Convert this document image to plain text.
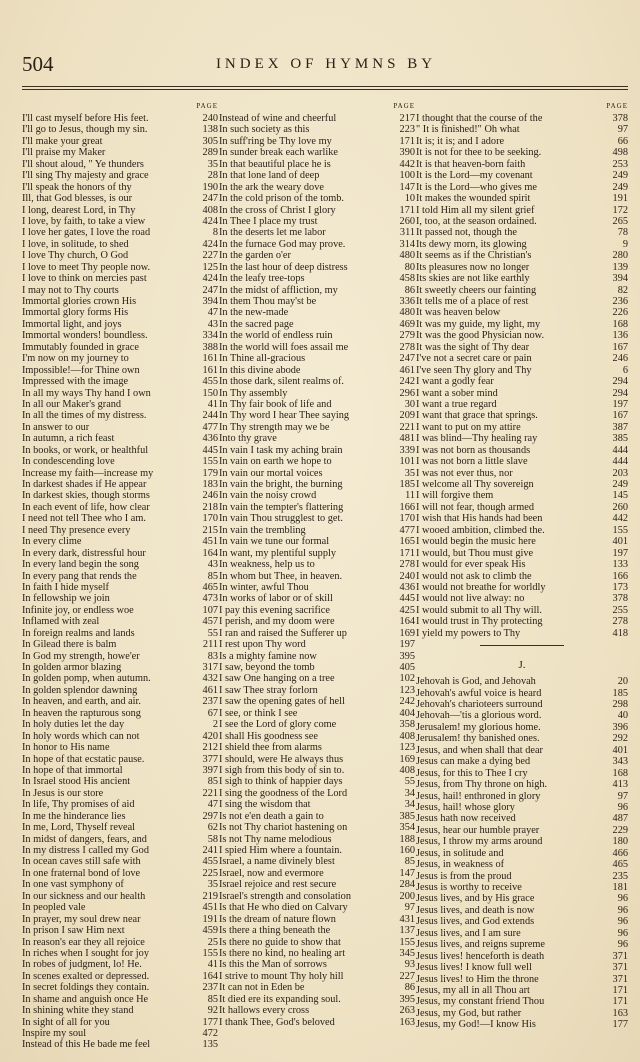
504	INDEX OF HYMNS BY
PAGE
I'll cast myself before His feet.	240
I'll go to Jesus, though my sin.	138
I'll make your great	305
I'll praise my Maker	289
I'll shout aloud, " Ye thunders	35
I'll sing Thy majesty and grace	28
I'll speak the honors of thy	190
Ill, that God blesses, is our	247
I long, dearest Lord, in Thy	408
I love, by faith, to take a view	424
I love her gates, I love the road	8
I love, in solitude, to shed	424
I love Thy church, O God	227
I love to meet Thy people now.	125
I love to think on mercies past	424
I may not to Thy courts	247
Immortal glories crown His	394
Immortal glory forms His	47
Immortal light, and joys	43
Immortal wonders! boundless.	334
Immutably founded in grace	388
I'm now on my journey to	161
Impossible!—for Thine own	161
Impressed with the image	455
In all my ways Thy hand I own	150
In all our Maker's grand	41
In all the times of my distress.	244
In answer to our	477
In autumn, a rich feast	436
In books, or work, or healthful	445
In condescending love	155
Increase my faith—increase my	179
In darkest shades if He appear	183
In darkest skies, though storms	246
In each event of life, how clear	218
I need not tell Thee who I am.	170
I need Thy presence every	215
In every clime	451
In every dark, distressful hour	164
In every land begin the song	43
In every pang that rends the	85
In faith I hide myself	465
In fellowship we join	473
Infinite joy, or endless woe	107
Inflamed with zeal	457
In foreign realms and lands	55
In Gilead there is balm	211
In God my strength, howe'er	83
In golden armor blazing	317
In golden pomp, when autumn.	432
In golden splendor dawning	461
In heaven, and earth, and air.	237
In heaven the rapturous song	67
In holy duties let the day	2
In holy words which can not	420
In honor to His name	212
In hope of that ecstatic pause.	377
In hope of that immortal	397
In Israel stood His ancient	85
In Jesus is our store	221
In life, Thy promises of aid	47
In me the hinderance lies	297
In me, Lord, Thyself reveal	62
In midst of dangers, fears, and	58
In my distress I called my God	241
In ocean caves still safe with	455
In one fraternal bond of love	225
In one vast symphony of	35
In our sickness and our health	219
In peopled vale	451
In prayer, my soul drew near	191
In prison I saw Him next	459
In reason's ear they all rejoice	25
In riches when I sought for joy	155
In robes of judgment, lo! He.	41
In scenes exalted or depressed.	164
In secret foldings they contain.	237
In shame and anguish once He	85
In shining white they stand	92
In sight of all for you	177
Inspire my soul	472
Instead of this He bade me feel	135
PAGE
Instead of wine and cheerful	217
In such society as this	223
In suff'ring be Thy love my	171
In sunder break each warlike	390
In that beautiful place he is	442
In that lone land of deep	100
In the ark the weary dove	147
In the cold prison of the tomb.	10
In the cross of Christ I glory	171
In Thee I place my trust	260
In the deserts let me labor	311
In the furnace God may prove.	314
In the garden o'er	480
In the last hour of deep distress	80
In the leafy tree-tops	458
In the midst of affliction, my	86
In them Thou may'st be	336
In the new-made	480
In the sacred page	469
In the world of endless ruin	279
In the world will foes assail me	278
In Thine all-gracious	247
In this divine abode	461
In those dark, silent realms of.	242
In Thy assembly	296
In Thy fair book of life and	30
In Thy word I hear Thee saying	209
In Thy strength may we be	221
Into thy grave	481
In vain I task my aching brain	339
In vain on earth we hope to	101
In vain our mortal voices	35
In vain the bright, the burning	185
In vain the noisy crowd	11
In vain the tempter's flattering	166
In vain Thou strugglest to get.	170
In vain the trembling	477
In vain we tune our formal	165
In want, my plentiful supply	171
In weakness, help us to	278
In whom but Thee, in heaven.	240
In winter, awful Thou	436
In works of labor or of skill	445
I pay this evening sacrifice	425
I perish, and my doom were	164
I ran and raised the Sufferer up	169
I rest upon Thy word	197
Is a mighty famine now	395
I saw, beyond the tomb	405
I saw One hanging on a tree	102
I saw Thee stray forlorn	123
I saw the opening gates of hell	242
I see, or think I see	404
I see the Lord of glory come	358
I shall His goodness see	408
I shield thee from alarms	123
I should, were He always thus	169
I sigh from this body of sin to.	408
I sigh to think of happier days	55
I sing the goodness of the Lord	34
I sing the wisdom that	34
Is not e'en death a gain to	385
Is not Thy chariot hastening on	354
Is not Thy name melodious	188
I spied Him where a fountain.	160
Israel, a name divinely blest	85
Israel, now and evermore	147
Israel rejoice and rest secure	284
Israel's strength and consolation	200
Is that He who died on Calvary	97
Is the dream of nature flown	431
Is there a thing beneath the	137
Is there no guide to show that	155
Is there no kind, no healing art	345
Is this the Man of sorrows	93
I strive to mount Thy holy hill	227
It can not in Eden be	86
It died ere its expanding soul.	395
It hallows every cross	263
I thank Thee, God's beloved	163
PAGE
I thought that the course of the	378
" It is finished!" Oh what	97
It is; it is; and I adore	66
It is not for thee to be seeking.	498
It is that heaven-born faith	253
It is the Lord—my covenant	249
It is the Lord—who gives me	249
It makes the wounded spirit	191
I told Him all my silent grief	172
I, too, at the season ordained.	265
It passed not, though the	78
Its dewy morn, its glowing	9
It seems as if the Christian's	280
Its pleasures now no longer	139
Its skies are not like earthly	394
It sweetly cheers our fainting	82
It tells me of a place of rest	236
It was heaven below	226
It was my guide, my light, my	168
It was the good Physician now.	136
It was the sight of Thy dear	167
I've not a secret care or pain	246
I've seen Thy glory and Thy	6
I want a godly fear	294
I want a sober mind	294
I want a true regard	197
I want that grace that springs.	167
I want to put on my attire	387
I was blind—Thy healing ray	385
I was not born as thousands	444
I was not born a little slave	444
I was not ever thus, nor	203
I welcome all Thy sovereign	249
I will forgive them	145
I will not fear, though armed	260
I wish that His hands had been	442
I wooed ambition, climbed the.	155
I would begin the music here	401
I would, but Thou must give	197
I would for ever speak His	133
I would not ask to climb the	166
I would not breathe for worldly	173
I would not live alway: no	378
I would submit to all Thy will.	255
I would trust in Thy protecting	278
I yield my powers to Thy	418
J.
Jehovah is God, and Jehovah	20
Jehovah's awful voice is heard	185
Jehovah's charioteers surround	298
Jehovah—'tis a glorious word.	40
Jerusalem! my glorious home.	396
Jerusalem! thy banished ones.	292
Jesus, and when shall that dear	401
Jesus can make a dying bed	343
Jesus, for this to Thee I cry	168
Jesus, from Thy throne on high.	413
Jesus, hail! enthroned in glory	97
Jesus, hail! whose glory	96
Jesus hath now received	487
Jesus, hear our humble prayer	229
Jesus, I throw my arms around	180
Jesus, in solitude and	466
Jesus, in weakness of	465
Jesus is from the proud	235
Jesus is worthy to receive	181
Jesus lives, and by His grace	96
Jesus lives, and death is now	96
Jesus lives, and God extends	96
Jesus lives, and I am sure	96
Jesus lives, and reigns supreme	96
Jesus lives! henceforth is death	371
Jesus lives! I know full well	371
Jesus lives! to Him the throne	371
Jesus, my all in all Thou art	171
Jesus, my constant friend Thou	171
Jesus, my God, but rather	163
Jesus, my God!—I know His	177
